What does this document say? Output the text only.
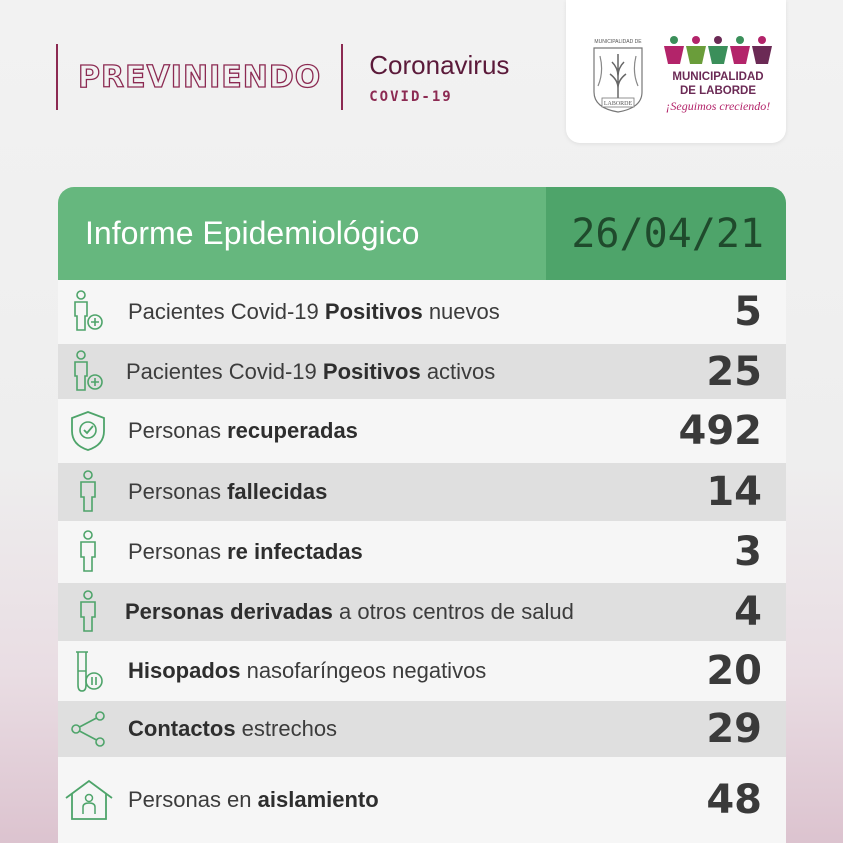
PREVINIENDO Coronavirus
COVID-19	LABORDE
MUNICIPALIDAD DE
MUNICIPALIDAD
DE LABORDE
¡Seguimos creciendo!
Informe Epidemiológico	26/04/21
Pacientes Covid-19 Positivos nuevos	5
Pacientes Covid-19 Positivos activos	25
Personas recuperadas	492
Personas fallecidas	14
Personas re infectadas	3
Personas derivadas a otros centros de salud	4
Hisopados nasofaríngeos negativos	20
Contactos estrechos	29
Personas en aislamiento	48
